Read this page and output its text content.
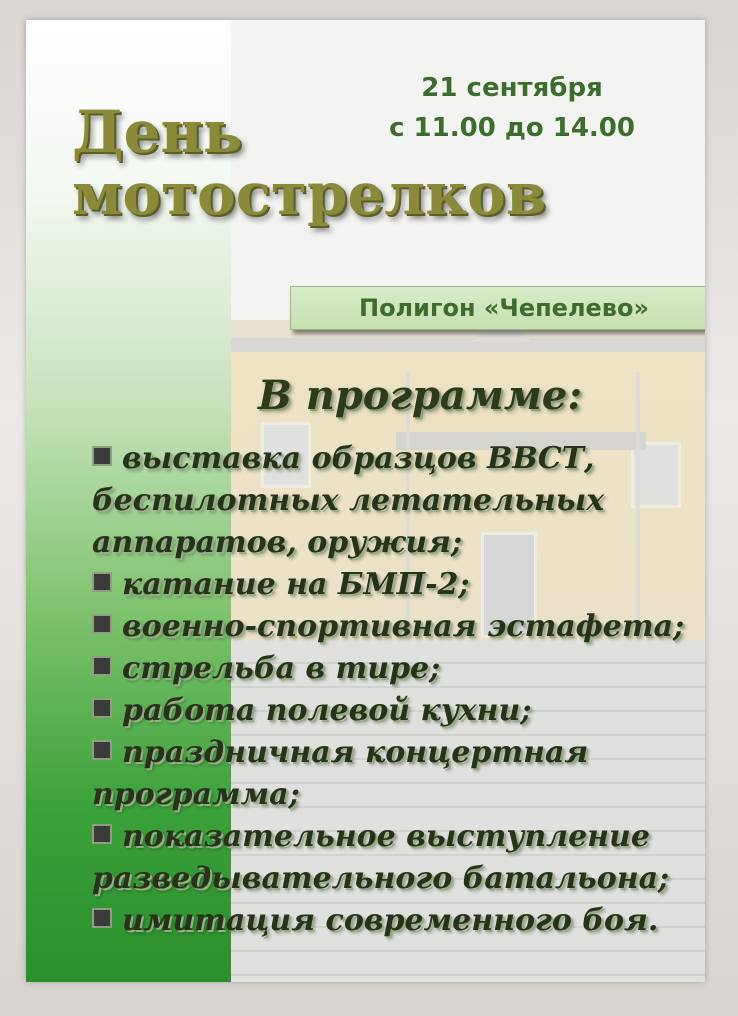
День
мотострелков
21 сентября
с 11.00 до 14.00
Полигон «Чепелево»
В программе:
выставка образцов ВВСТ, беспилотных летательных аппаратов, оружия;
катание на БМП-2;
военно-спортивная эстафета;
стрельба в тире;
работа полевой кухни;
праздничная концертная программа;
показательное выступление разведывательного батальона;
имитация современного боя.
